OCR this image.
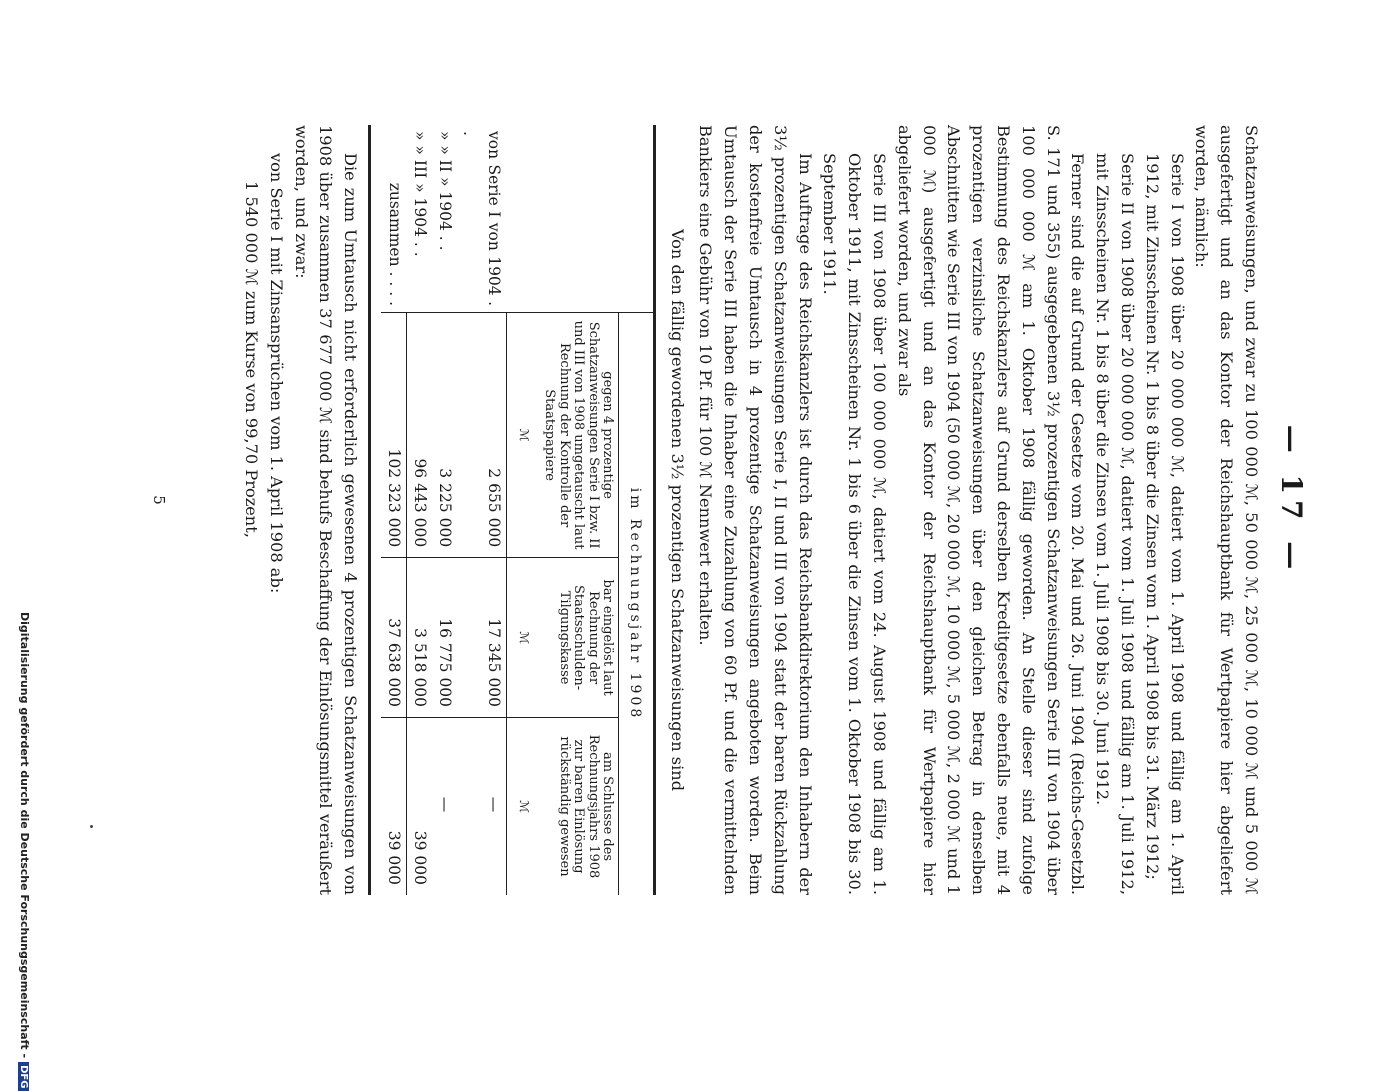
— 17 —

Schatzanweisungen, und zwar zu 100 000 ℳ, 50 000 ℳ, 25 000 ℳ, 10 000 ℳ und 5 000 ℳ ausgefertigt und an das Kontor der Reichshauptbank für Wertpapiere hier abgeliefert worden, nämlich:

Serie I von 1908 über 20 000 000 ℳ, datiert vom 1. April 1908 und fällig am 1. April 1912, mit Zinsscheinen Nr. 1 bis 8 über die Zinsen vom 1. April 1908 bis 31. März 1912;

Serie II von 1908 über 20 000 000 ℳ, datiert vom 1. Juli 1908 und fällig am 1. Juli 1912, mit Zinsscheinen Nr. 1 bis 8 über die Zinsen vom 1. Juli 1908 bis 30. Juni 1912.

Ferner sind die auf Grund der Gesetze vom 20. Mai und 26. Juni 1904 (Reichs-Gesetzbl. S. 171 und 355) ausgegebenen 3½ prozentigen Schatzanweisungen Serie III von 1904 über 100 000 000 ℳ am 1. Oktober 1908 fällig geworden. An Stelle dieser sind zufolge Bestimmung des Reichskanzlers auf Grund derselben Kreditgesetze ebenfalls neue, mit 4 prozentigen verzinsliche Schatzanweisungen über den gleichen Betrag in denselben Abschnitten wie Serie III von 1904 (50 000 ℳ, 20 000 ℳ, 10 000 ℳ, 5 000 ℳ, 2 000 ℳ und 1 000 ℳ) ausgefertigt und an das Kontor der Reichshauptbank für Wertpapiere hier abgeliefert worden, und zwar als

Serie III von 1908 über 100 000 000 ℳ, datiert vom 24. August 1908 und fällig am 1. Oktober 1911, mit Zinsscheinen Nr. 1 bis 6 über die Zinsen vom 1. Oktober 1908 bis 30. September 1911.

Im Auftrage des Reichskanzlers ist durch das Reichsbankdirektorium den Inhabern der 3½ prozentigen Schatzanweisungen Serie I, II und III von 1904 statt der baren Rückzahlung der kostenfreie Umtausch in 4 prozentige Schatzanweisungen angeboten worden. Beim Umtausch der Serie III haben die Inhaber eine Zuzahlung von 60 Pf. und die vermittelnden Bankiers eine Gebühr von 10 Pf. für 100 ℳ Nennwert erhalten.

Von den fällig gewordenen 3½ prozentigen Schatzanweisungen sind

	im Rechnungsjahr 1908		
	gegen 4 prozentige Schatzanweisungen Serie I bzw. II und III von 1908 umgetauscht laut Rechnung der Kontrolle der Staatspapiere	bar eingelöst laut Rechnung der Staatsschulden-Tilgungskasse	am Schlusse des Rechnungsjahrs 1908 zur baren Einlösung rückständig gewesen
	ℳ	ℳ	ℳ
von Serie I von 1904 . .	2 655 000	17 345 000	—
» » II » 1904 . .	3 225 000	16 775 000	—
» » III » 1904 . .	96 443 000	3 518 000	39 000
zusammen . . . .	102 323 000	37 638 000	39 000

Die zum Umtausch nicht erforderlich gewesenen 4 prozentigen Schatzanweisungen von 1908 über zusammen 37 677 000 ℳ sind behufs Beschaffung der Einlösungsmittel veräußert worden, und zwar:

von Serie I mit Zinsansprüchen vom 1. April 1908 ab:

1 540 000 ℳ zum Kurse von 99,70 Prozent,

5
Digitalisierung gefördert durch die Deutsche Forschungsgemeinschaft -DFG
